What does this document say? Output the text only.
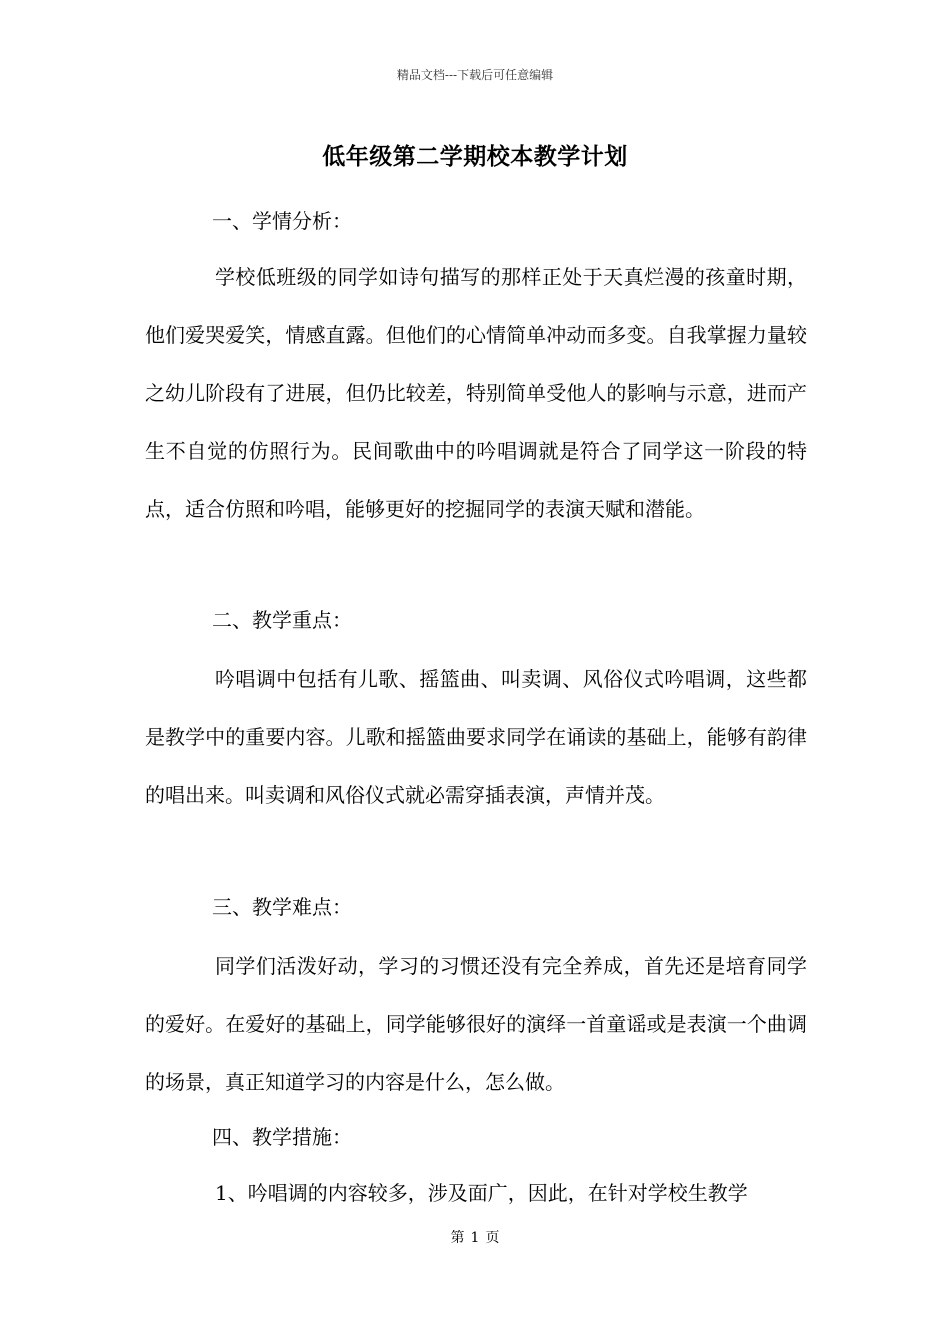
精品文档---下载后可任意编辑
低年级第二学期校本教学计划
一、学情分析：
学校低班级的同学如诗句描写的那样正处于天真烂漫的孩童时期，他们爱哭爱笑，情感直露。但他们的心情简单冲动而多变。自我掌握力量较之幼儿阶段有了进展，但仍比较差，特别简单受他人的影响与示意，进而产生不自觉的仿照行为。民间歌曲中的吟唱调就是符合了同学这一阶段的特点，适合仿照和吟唱，能够更好的挖掘同学的表演天赋和潜能。
二、教学重点：
吟唱调中包括有儿歌、摇篮曲、叫卖调、风俗仪式吟唱调，这些都是教学中的重要内容。儿歌和摇篮曲要求同学在诵读的基础上，能够有韵律的唱出来。叫卖调和风俗仪式就必需穿插表演，声情并茂。
三、教学难点：
同学们活泼好动，学习的习惯还没有完全养成，首先还是培育同学的爱好。在爱好的基础上，同学能够很好的演绎一首童谣或是表演一个曲调的场景，真正知道学习的内容是什么，怎么做。
四、教学措施：
1、吟唱调的内容较多，涉及面广，因此，在针对学校生教学
第 1 页
